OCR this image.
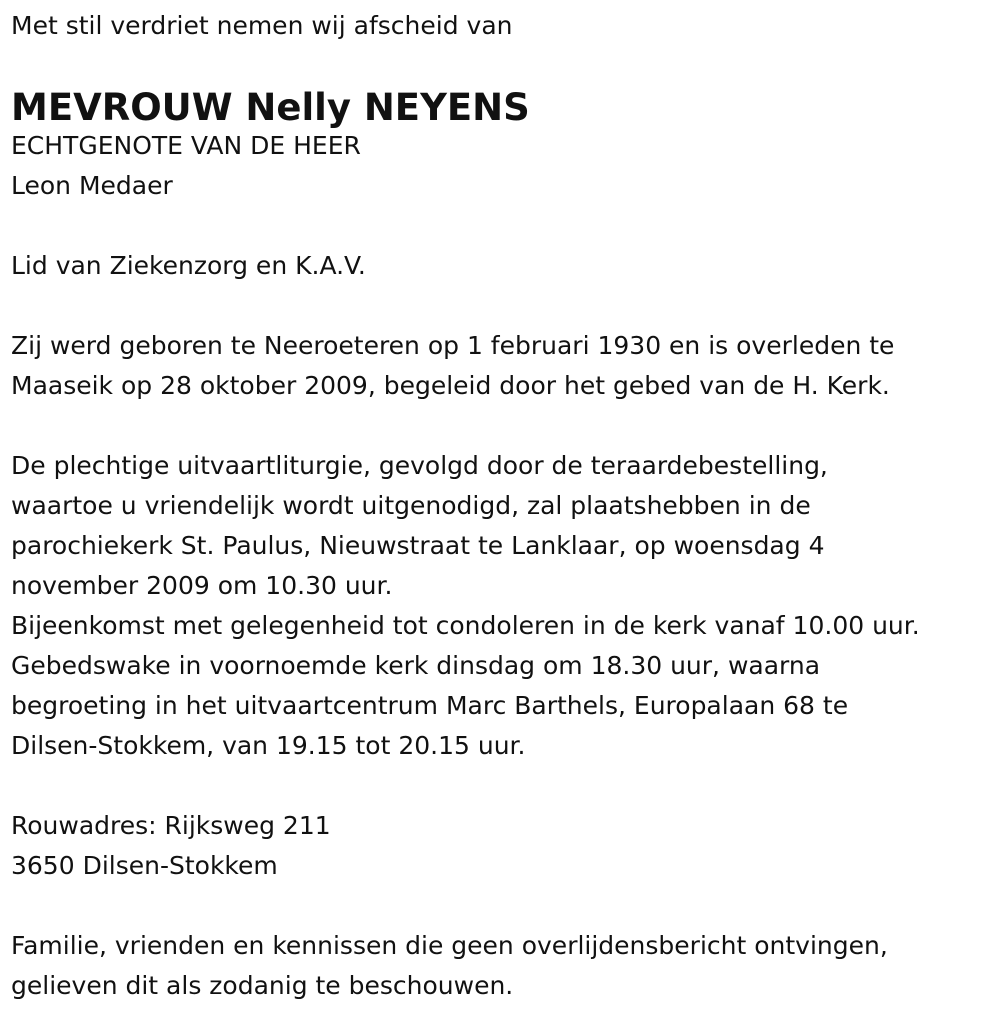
Met stil verdriet nemen wij afscheid van
MEVROUW Nelly NEYENS
ECHTGENOTE VAN DE HEER
Leon Medaer
Lid van Ziekenzorg en K.A.V.
Zij werd geboren te Neeroeteren op 1 februari 1930 en is overleden te
Maaseik op 28 oktober 2009, begeleid door het gebed van de H. Kerk.
De plechtige uitvaartliturgie, gevolgd door de teraardebestelling,
waartoe u vriendelijk wordt uitgenodigd, zal plaatshebben in de
parochiekerk St. Paulus, Nieuwstraat te Lanklaar, op woensdag 4
november 2009 om 10.30 uur.
Bijeenkomst met gelegenheid tot condoleren in de kerk vanaf 10.00 uur.
Gebedswake in voornoemde kerk dinsdag om 18.30 uur, waarna
begroeting in het uitvaartcentrum Marc Barthels, Europalaan 68 te
Dilsen-Stokkem, van 19.15 tot 20.15 uur.
Rouwadres: Rijksweg 211
3650 Dilsen-Stokkem
Familie, vrienden en kennissen die geen overlijdensbericht ontvingen,
gelieven dit als zodanig te beschouwen.
